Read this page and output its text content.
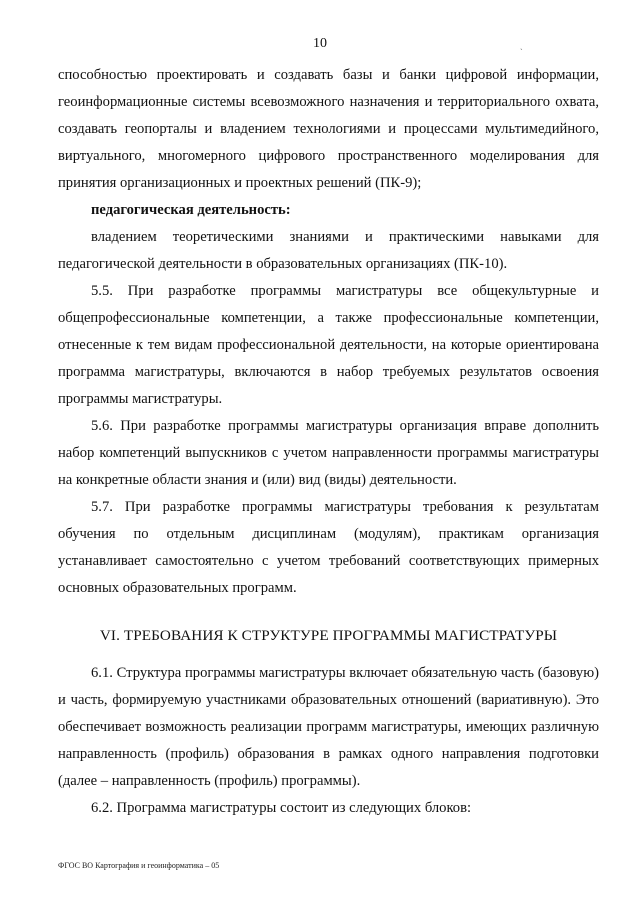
10	ˏ

способностью проектировать и создавать базы и банки цифровой информации, геоинформационные системы всевозможного назначения и территориального охвата, создавать геопорталы и владением технологиями и процессами мультимедийного, виртуального, многомерного цифрового пространственного моделирования для принятия организационных и проектных решений (ПК-9);

педагогическая деятельность:

владением теоретическими знаниями и практическими навыками для педагогической деятельности в образовательных организациях (ПК-10).

5.5. При разработке программы магистратуры все общекультурные и общепрофессиональные компетенции, а также профессиональные компетенции, отнесенные к тем видам профессиональной деятельности, на которые ориентирована программа магистратуры, включаются в набор требуемых результатов освоения программы магистратуры.

5.6. При разработке программы магистратуры организация вправе дополнить набор компетенций выпускников с учетом направленности программы магистратуры на конкретные области знания и (или) вид (виды) деятельности.

5.7. При разработке программы магистратуры требования к результатам обучения по отдельным дисциплинам (модулям), практикам организация устанавливает самостоятельно с учетом требований соответствующих примерных основных образовательных программ.

VI. ТРЕБОВАНИЯ К СТРУКТУРЕ ПРОГРАММЫ МАГИСТРАТУРЫ

6.1. Структура программы магистратуры включает обязательную часть (базовую) и часть, формируемую участниками образовательных отношений (вариативную). Это обеспечивает возможность реализации программ магистратуры, имеющих различную направленность (профиль) образования в рамках одного направления подготовки (далее – направленность (профиль) программы).

6.2. Программа магистратуры состоит из следующих блоков:

ФГОС ВО Картография и геоинформатика – 05
